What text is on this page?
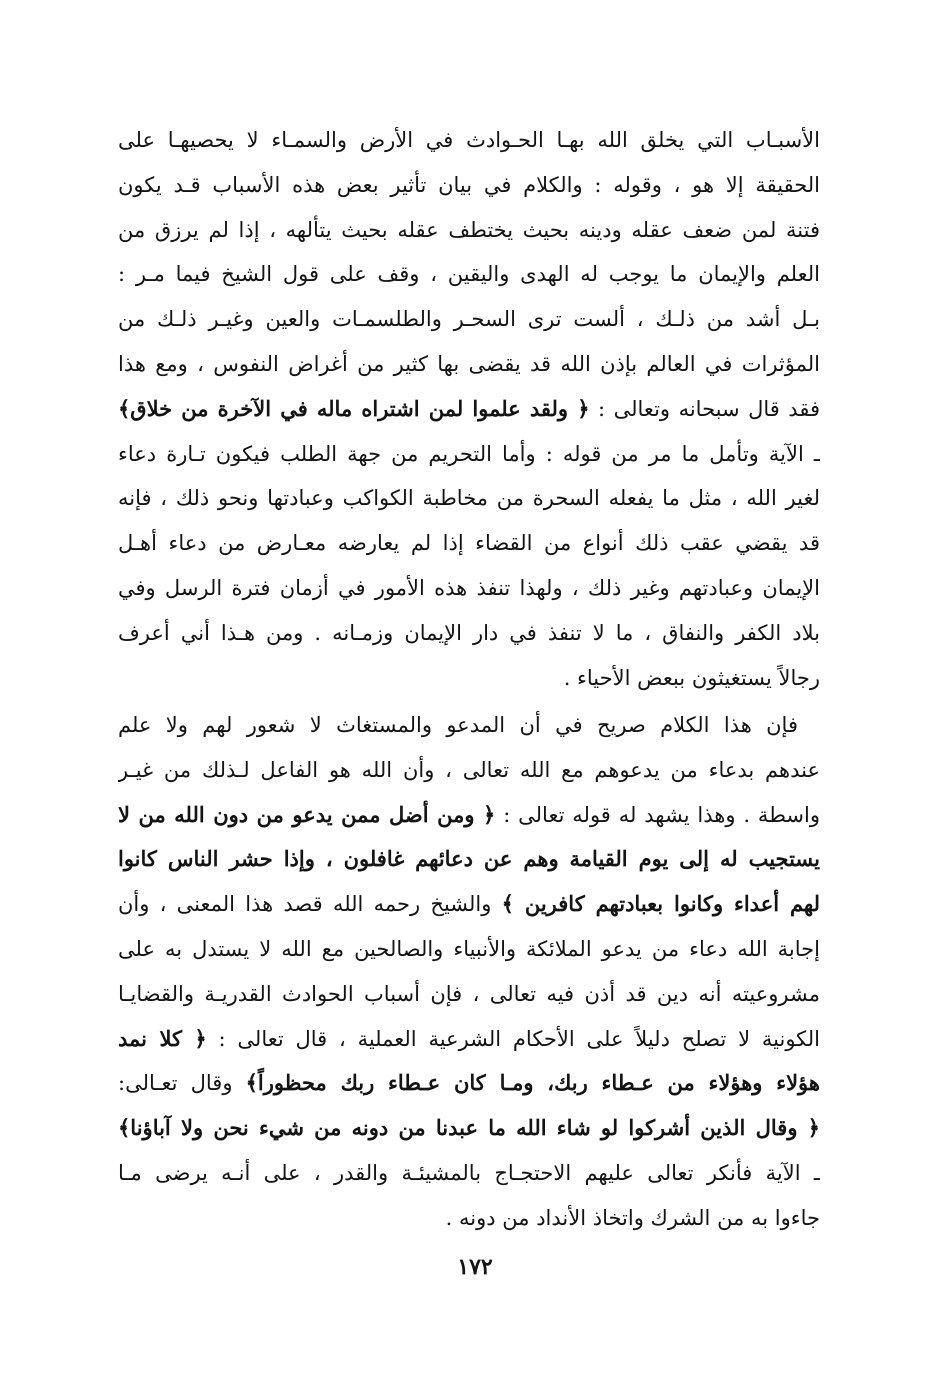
الأسبـاب التي يخلق الله بهـا الحـوادث في الأرض والسمـاء لا يحصيهـا على
الحقيقة إلا هو ، وقوله : والكلام في بيان تأثير بعض هذه الأسباب قـد يكون
فتنة لمن ضعف عقله ودينه بحيث يختطف عقله بحيث يتألهه ، إذا لم يرزق من
العلم والإيمان ما يوجب له الهدى واليقين ، وقف على قول الشيخ فيما مـر :
بـل أشد من ذلـك ، ألست ترى السحـر والطلسمـات والعين وغيـر ذلـك من
المؤثرات في العالم بإذن الله قد يقضى بها كثير من أغراض النفوس ، ومع هذا
فقد قال سبحانه وتعالى : ﴿ ولقد علموا لمن اشتراه ماله في الآخرة من خلاق﴾
ـ الآية وتأمل ما مر من قوله : وأما التحريم من جهة الطلب فيكون تـارة دعاء
لغير الله ، مثل ما يفعله السحرة من مخاطبة الكواكب وعبادتها ونحو ذلك ، فإنه
قد يقضي عقب ذلك أنواع من القضاء إذا لم يعارضه معـارض من دعاء أهـل
الإيمان وعبادتهم وغير ذلك ، ولهذا تنفذ هذه الأمور في أزمان فترة الرسل وفي
بلاد الكفر والنفاق ، ما لا تنفذ في دار الإيمان وزمـانه . ومن هـذا أني أعرف
رجالاً يستغيثون ببعض الأحياء .
فإن هذا الكلام صريح في أن المدعو والمستغاث لا شعور لهم ولا علم
عندهم بدعاء من يدعوهم مع الله تعالى ، وأن الله هو الفاعل لـذلك من غيـر
واسطة . وهذا يشهد له قوله تعالى : ﴿ ومن أضل ممن يدعو من دون الله من لا
يستجيب له إلى يوم القيامة وهم عن دعائهم غافلون ، وإذا حشر الناس كانوا
لهم أعداء وكانوا بعبادتهم كافرين ﴾ والشيخ رحمه الله قصد هذا المعنى ، وأن
إجابة الله دعاء من يدعو الملائكة والأنبياء والصالحين مع الله لا يستدل به على
مشروعيته أنه دين قد أذن فيه تعالى ، فإن أسباب الحوادث القدريـة والقضايـا
الكونية لا تصلح دليلاً على الأحكام الشرعية العملية ، قال تعالى : ﴿ كلا نمد
هؤلاء وهؤلاء من عـطاء ربك، ومـا كان عـطاء ربك محظوراً﴾ وقال تعـالى:
﴿ وقال الذين أشركوا لو شاء الله ما عبدنا من دونه من شيء نحن ولا آباؤنا﴾
ـ الآية فأنكر تعالى عليهم الاحتجـاج بالمشيئـة والقدر ، على أنـه يرضى مـا
جاءوا به من الشرك واتخاذ الأنداد من دونه .
١٧٢
